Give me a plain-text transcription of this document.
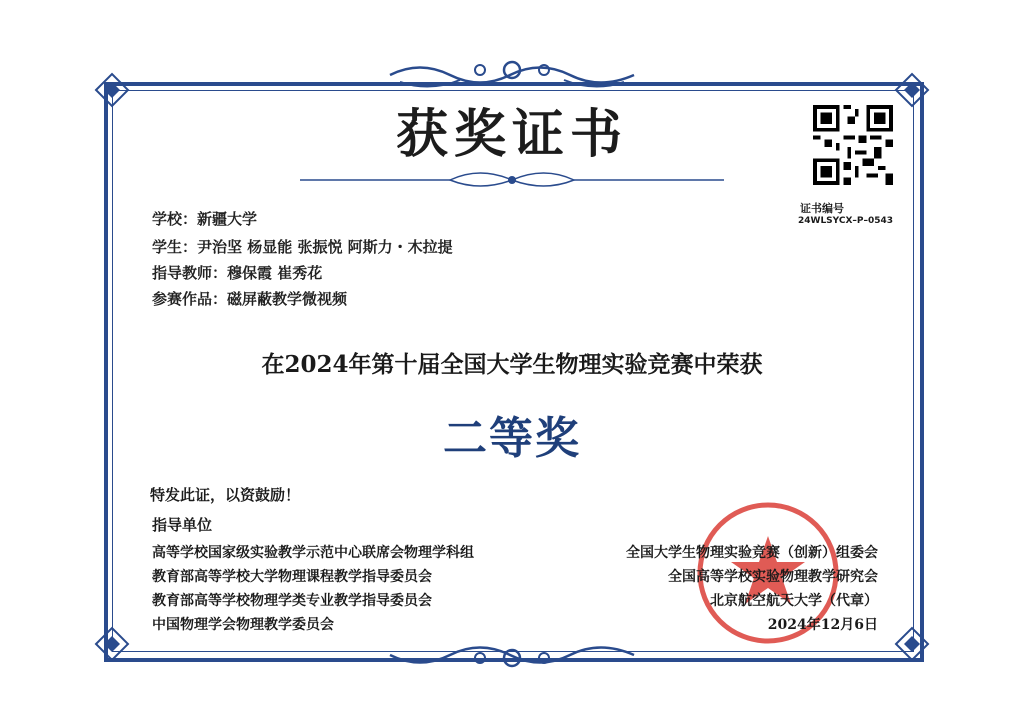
获奖证书
证书编号
24WLSYCX–P–0543
学校：新疆大学
学生：尹治坚 杨显能 张振悦 阿斯力・木拉提
指导教师：穆保霞 崔秀花
参赛作品：磁屏蔽教学微视频
在2024年第十届全国大学生物理实验竞赛中荣获
二等奖
特发此证，以资鼓励！
指导单位
高等学校国家级实验教学示范中心联席会物理学科组
教育部高等学校大学物理课程教学指导委员会
教育部高等学校物理学类专业教学指导委员会
中国物理学会物理教学委员会
全国大学生物理实验竞赛（创新）组委会
全国高等学校实验物理教学研究会
北京航空航天大学（代章）
2024年12月6日
